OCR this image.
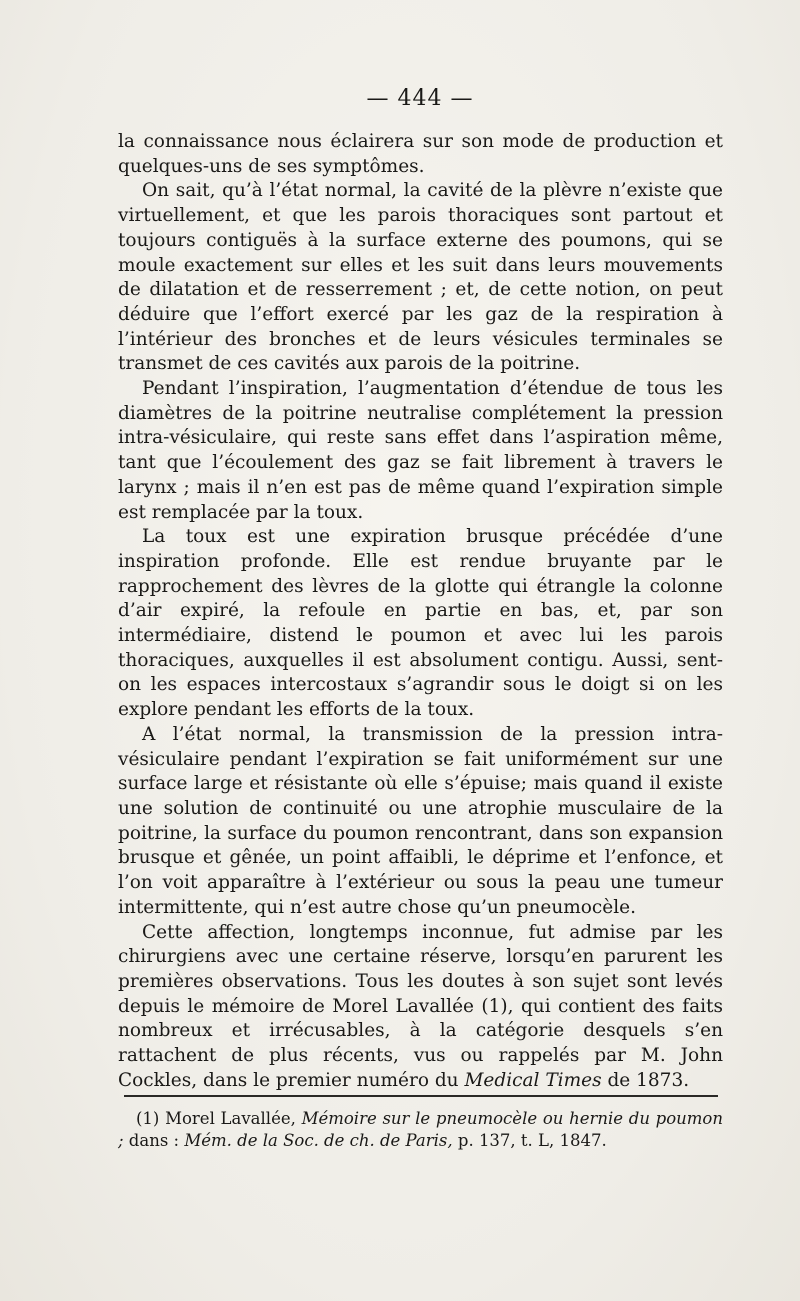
— 444 —

la connaissance nous éclairera sur son mode de production et quelques-uns de ses symptômes.

On sait, qu’à l’état normal, la cavité de la plèvre n’existe que virtuellement, et que les parois thoraciques sont partout et toujours contiguës à la surface externe des poumons, qui se moule exactement sur elles et les suit dans leurs mouvements de dilatation et de resserrement ; et, de cette notion, on peut déduire que l’effort exercé par les gaz de la respiration à l’intérieur des bronches et de leurs vésicules terminales se transmet de ces cavités aux parois de la poitrine.

Pendant l’inspiration, l’augmentation d’étendue de tous les diamètres de la poitrine neutralise complétement la pression intra-vésiculaire, qui reste sans effet dans l’aspiration même, tant que l’écoulement des gaz se fait librement à travers le larynx ; mais il n’en est pas de même quand l’expiration simple est remplacée par la toux.

La toux est une expiration brusque précédée d’une inspiration profonde. Elle est rendue bruyante par le rapprochement des lèvres de la glotte qui étrangle la colonne d’air expiré, la refoule en partie en bas, et, par son intermédiaire, distend le poumon et avec lui les parois thoraciques, auxquelles il est absolument contigu. Aussi, sent-on les espaces intercostaux s’agrandir sous le doigt si on les explore pendant les efforts de la toux.

A l’état normal, la transmission de la pression intra-vésiculaire pendant l’expiration se fait uniformément sur une surface large et résistante où elle s’épuise; mais quand il existe une solution de continuité ou une atrophie musculaire de la poitrine, la surface du poumon rencontrant, dans son expansion brusque et gênée, un point affaibli, le déprime et l’enfonce, et l’on voit apparaître à l’extérieur ou sous la peau une tumeur intermittente, qui n’est autre chose qu’un pneumocèle.

Cette affection, longtemps inconnue, fut admise par les chirurgiens avec une certaine réserve, lorsqu’en parurent les premières observations. Tous les doutes à son sujet sont levés depuis le mémoire de Morel Lavallée (1), qui contient des faits nombreux et irrécusables, à la catégorie desquels s’en rattachent de plus récents, vus ou rappelés par M. John Cockles, dans le premier numéro du Medical Times de 1873.

(1) Morel Lavallée, Mémoire sur le pneumocèle ou hernie du poumon ; dans : Mém. de la Soc. de ch. de Paris, p. 137, t. L, 1847.
